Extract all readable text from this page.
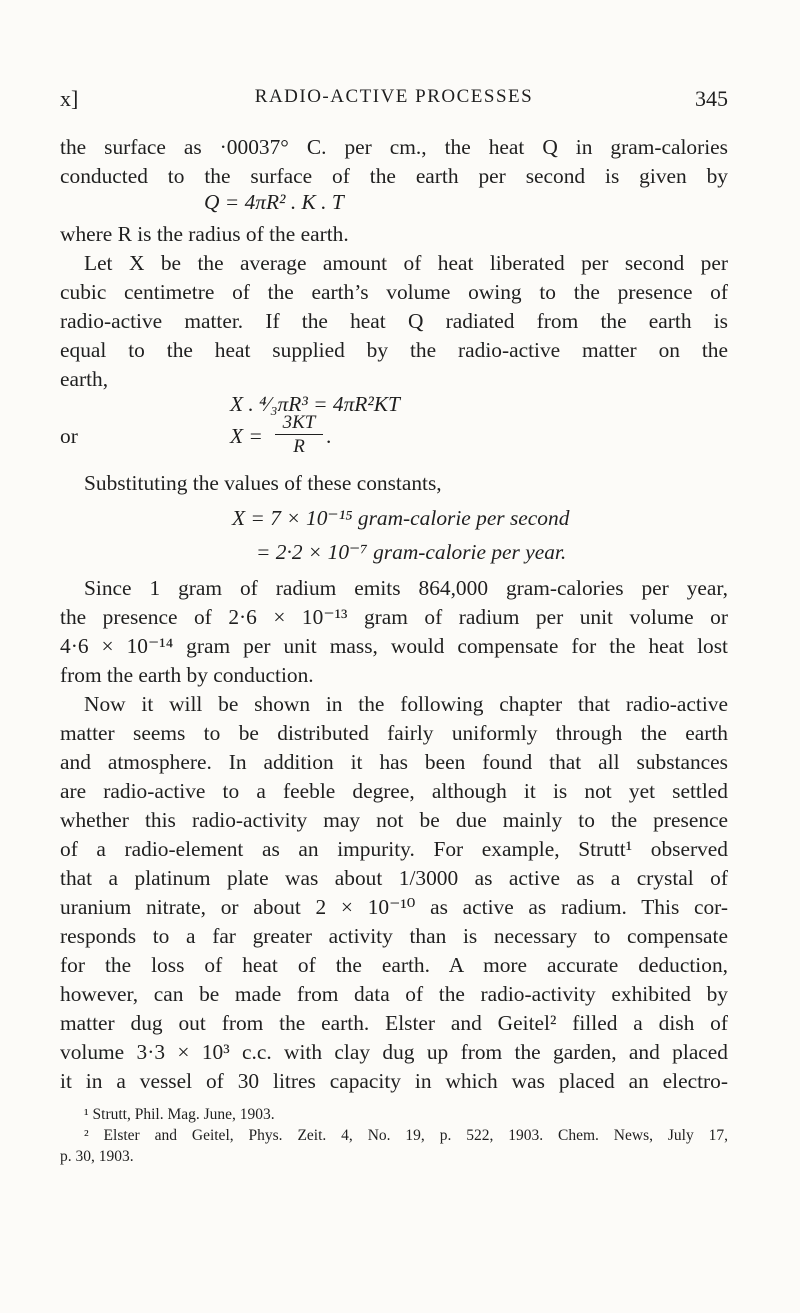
x]	RADIO-ACTIVE PROCESSES	345
the surface as ·00037° C. per cm., the heat Q in gram-calories
conducted to the surface of the earth per second is given by
Q = 4πR² . K . T
where R is the radius of the earth.
Let X be the average amount of heat liberated per second per
cubic centimetre of the earth’s volume owing to the presence of
radio-active matter. If the heat Q radiated from the earth is
equal to the heat supplied by the radio-active matter on the
earth,
X . ⁴⁄₃πR³ = 4πR²KT
or	$X = \frac{3KT}{R}$ .
Substituting the values of these constants,
X = 7 × 10⁻¹⁵ gram-calorie per second
= 2·2 × 10⁻⁷ gram-calorie per year.
Since 1 gram of radium emits 864,000 gram-calories per year,
the presence of 2·6 × 10⁻¹³ gram of radium per unit volume or
4·6 × 10⁻¹⁴ gram per unit mass, would compensate for the heat lost
from the earth by conduction.
Now it will be shown in the following chapter that radio-active
matter seems to be distributed fairly uniformly through the earth
and atmosphere. In addition it has been found that all substances
are radio-active to a feeble degree, although it is not yet settled
whether this radio-activity may not be due mainly to the presence
of a radio-element as an impurity. For example, Strutt¹ observed
that a platinum plate was about 1/3000 as active as a crystal of
uranium nitrate, or about 2 × 10⁻¹⁰ as active as radium. This cor-
responds to a far greater activity than is necessary to compensate
for the loss of heat of the earth. A more accurate deduction,
however, can be made from data of the radio-activity exhibited by
matter dug out from the earth. Elster and Geitel² filled a dish of
volume 3·3 × 10³ c.c. with clay dug up from the garden, and placed
it in a vessel of 30 litres capacity in which was placed an electro-
¹ Strutt, Phil. Mag. June, 1903.
² Elster and Geitel, Phys. Zeit. 4, No. 19, p. 522, 1903. Chem. News, July 17,
p. 30, 1903.
